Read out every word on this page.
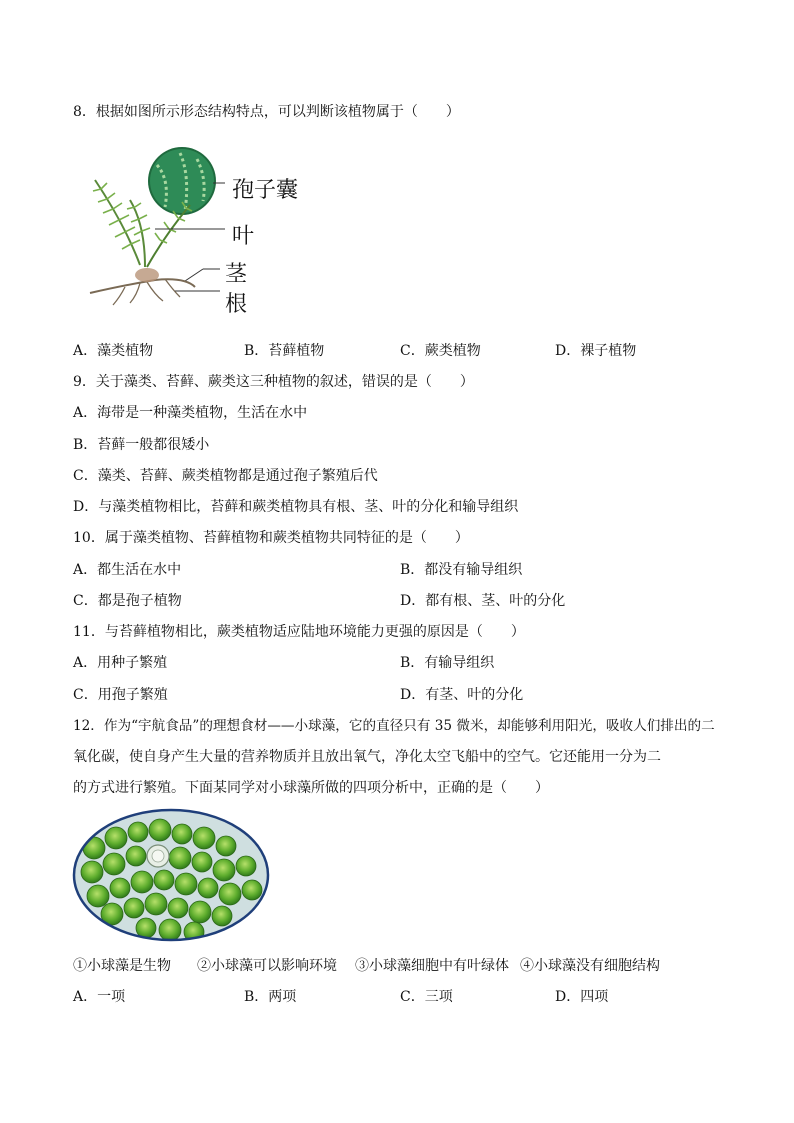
8．根据如图所示形态结构特点，可以判断该植物属于（　　）
孢子囊
叶
茎
根
A．藻类植物	B．苔藓植物	C．蕨类植物	D．裸子植物
9．关于藻类、苔藓、蕨类这三种植物的叙述，错误的是（　　）
A．海带是一种藻类植物，生活在水中
B．苔藓一般都很矮小
C．藻类、苔藓、蕨类植物都是通过孢子繁殖后代
D．与藻类植物相比，苔藓和蕨类植物具有根、茎、叶的分化和输导组织
10．属于藻类植物、苔藓植物和蕨类植物共同特征的是（　　）
A．都生活在水中	B．都没有输导组织
C．都是孢子植物	D．都有根、茎、叶的分化
11．与苔藓植物相比，蕨类植物适应陆地环境能力更强的原因是（　　）
A．用种子繁殖	B．有输导组织
C．用孢子繁殖	D．有茎、叶的分化
12．作为“宇航食品”的理想食材——小球藻，它的直径只有 35 微米，却能够利用阳光，吸收人们排出的二
氧化碳，使自身产生大量的营养物质并且放出氧气，净化太空飞船中的空气。它还能用一分为二
的方式进行繁殖。下面某同学对小球藻所做的四项分析中，正确的是（　　）
①小球藻是生物 ②小球藻可以影响环境 ③小球藻细胞中有叶绿体 ④小球藻没有细胞结构
A．一项	B．两项	C．三项	D．四项
